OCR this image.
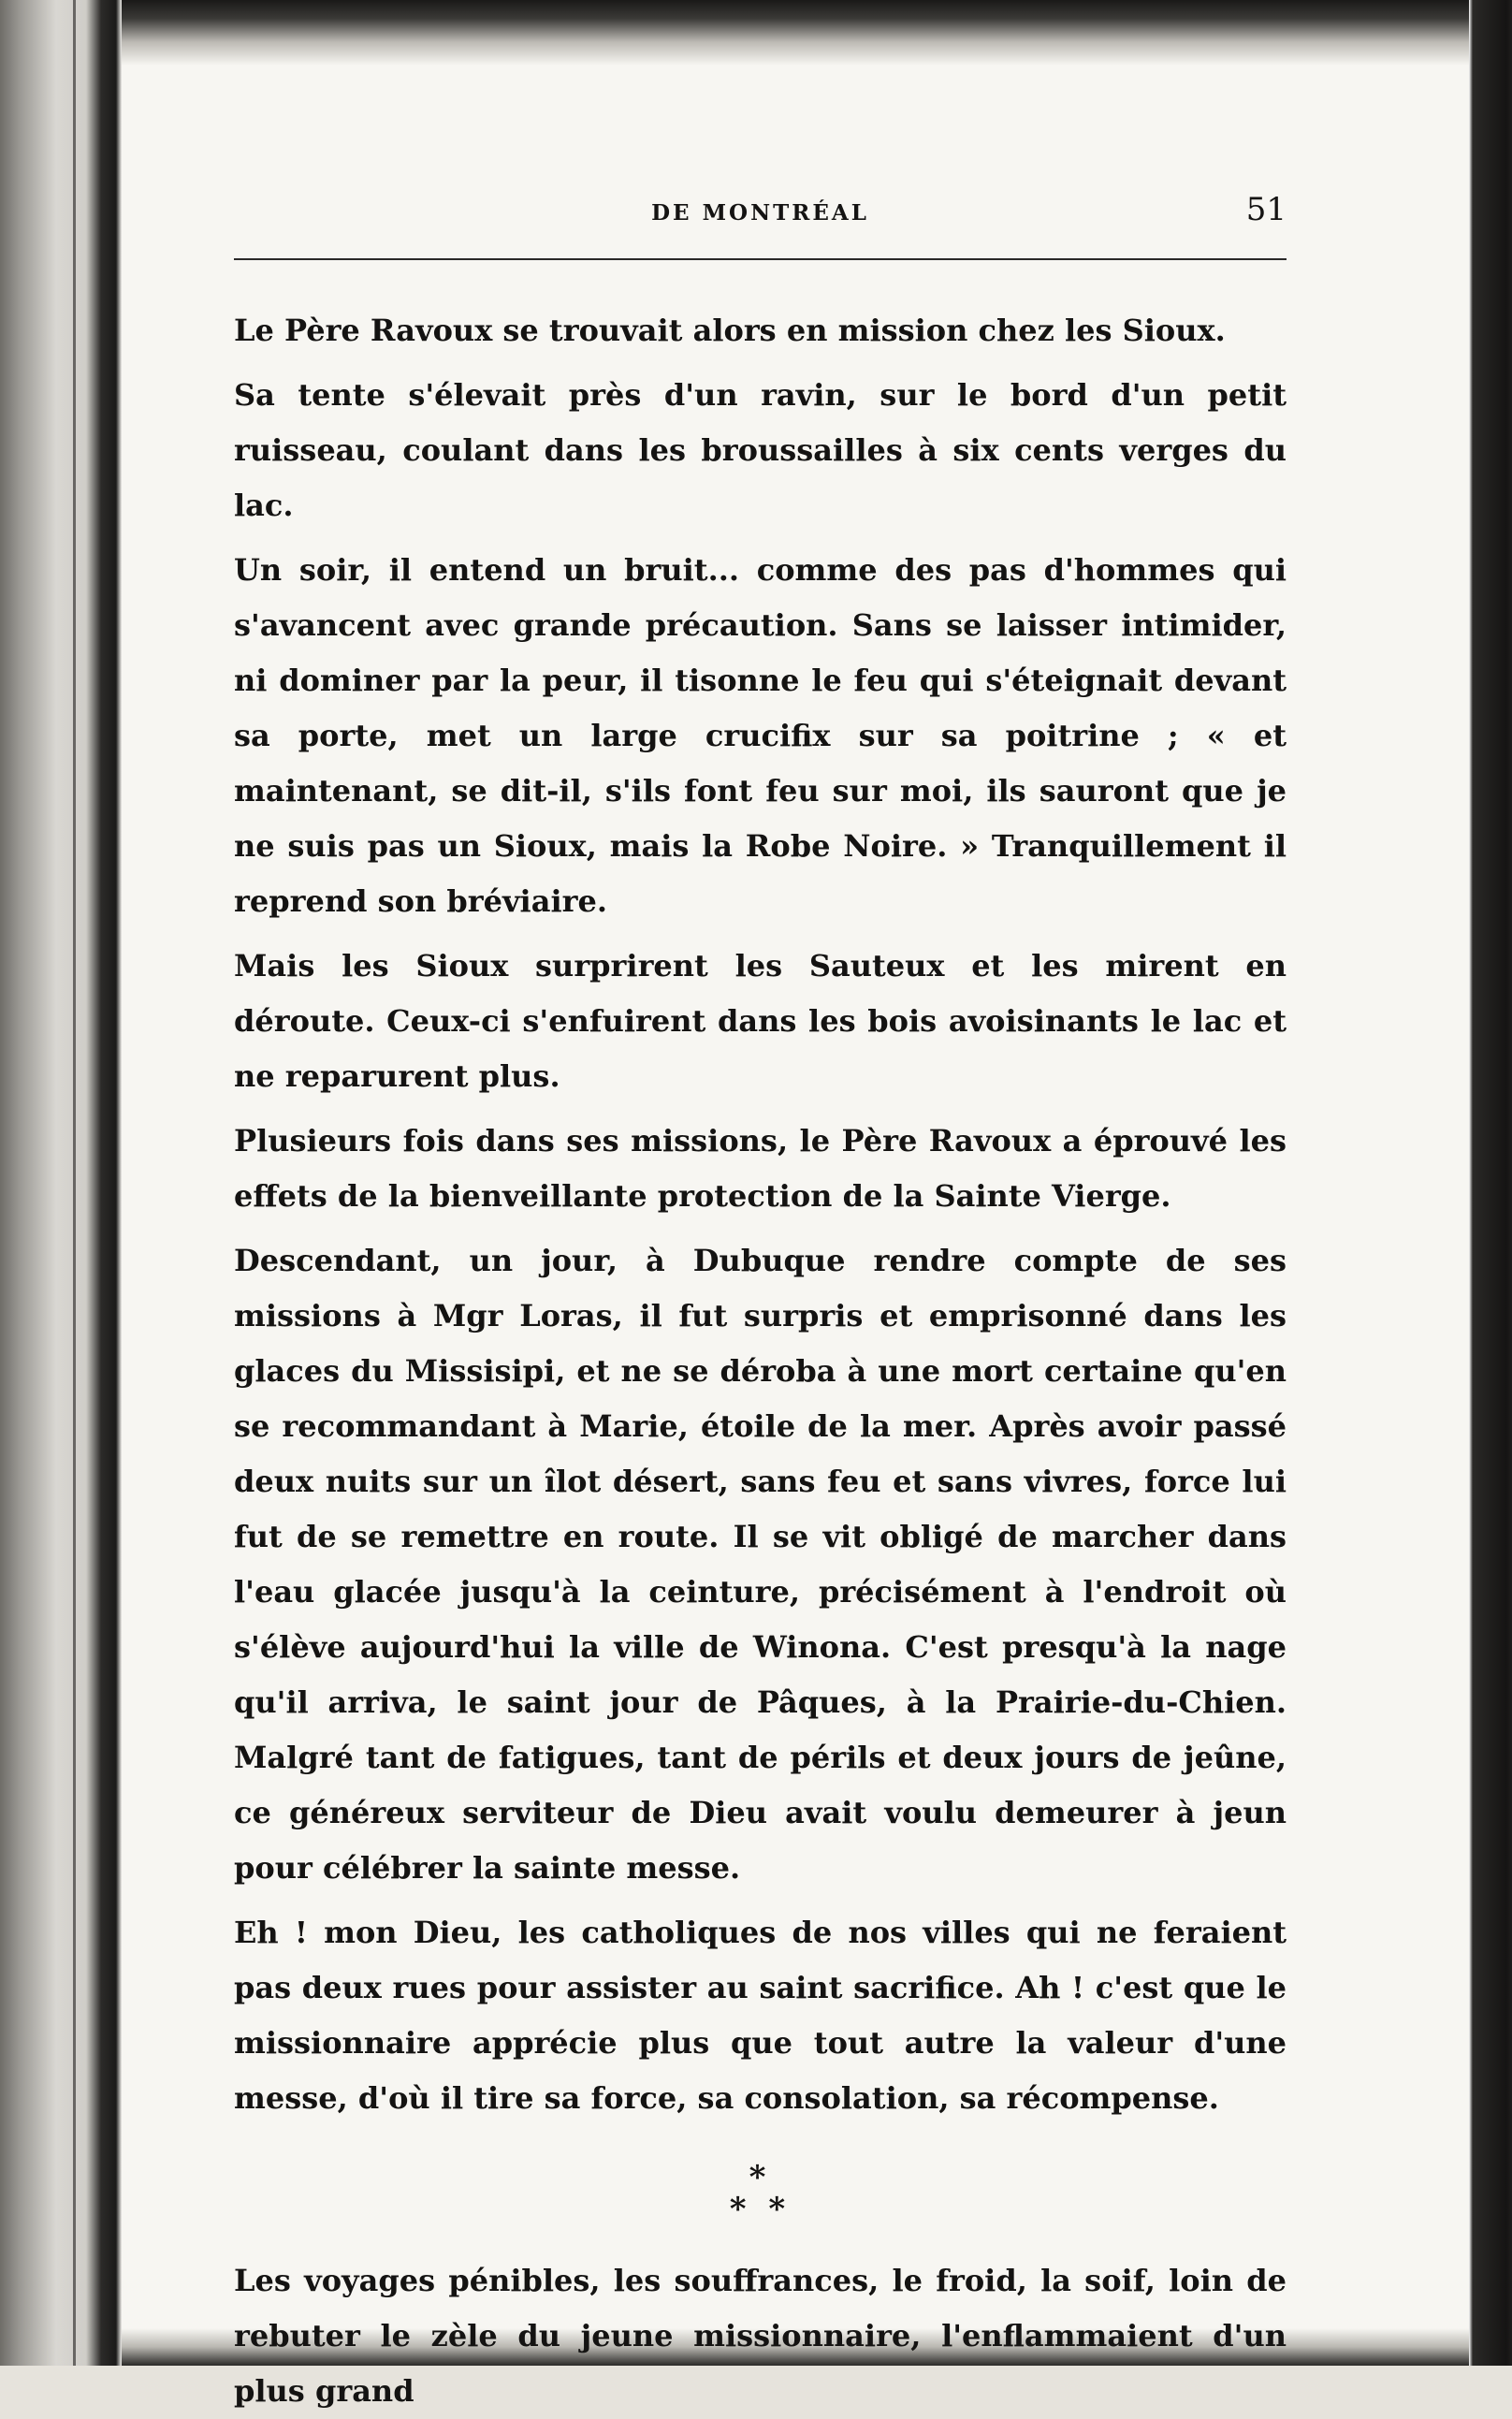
DE MONTRÉAL	51

Le Père Ravoux se trouvait alors en mission chez les Sioux.

Sa tente s'élevait près d'un ravin, sur le bord d'un petit ruisseau, coulant dans les broussailles à six cents verges du lac.

Un soir, il entend un bruit... comme des pas d'hommes qui s'avancent avec grande précaution. Sans se laisser intimider, ni dominer par la peur, il tisonne le feu qui s'éteignait devant sa porte, met un large crucifix sur sa poitrine ; « et maintenant, se dit-il, s'ils font feu sur moi, ils sauront que je ne suis pas un Sioux, mais la Robe Noire. » Tranquillement il reprend son bréviaire.

Mais les Sioux surprirent les Sauteux et les mirent en déroute. Ceux-ci s'enfuirent dans les bois avoisinants le lac et ne reparurent plus.

Plusieurs fois dans ses missions, le Père Ravoux a éprouvé les effets de la bienveillante protection de la Sainte Vierge.

Descendant, un jour, à Dubuque rendre compte de ses missions à Mgr Loras, il fut surpris et emprisonné dans les glaces du Missisipi, et ne se déroba à une mort certaine qu'en se recommandant à Marie, étoile de la mer. Après avoir passé deux nuits sur un îlot désert, sans feu et sans vivres, force lui fut de se remettre en route. Il se vit obligé de marcher dans l'eau glacée jusqu'à la ceinture, précisément à l'endroit où s'élève aujourd'hui la ville de Winona. C'est presqu'à la nage qu'il arriva, le saint jour de Pâques, à la Prairie-du-Chien. Malgré tant de fatigues, tant de périls et deux jours de jeûne, ce généreux serviteur de Dieu avait voulu demeurer à jeun pour célébrer la sainte messe.

Eh ! mon Dieu, les catholiques de nos villes qui ne feraient pas deux rues pour assister au saint sacrifice. Ah ! c'est que le missionnaire apprécie plus que tout autre la valeur d'une messe, d'où il tire sa force, sa consolation, sa récompense.

*
* *

Les voyages pénibles, les souffrances, le froid, la soif, loin de rebuter le zèle du jeune missionnaire, l'enflammaient d'un plus grand
